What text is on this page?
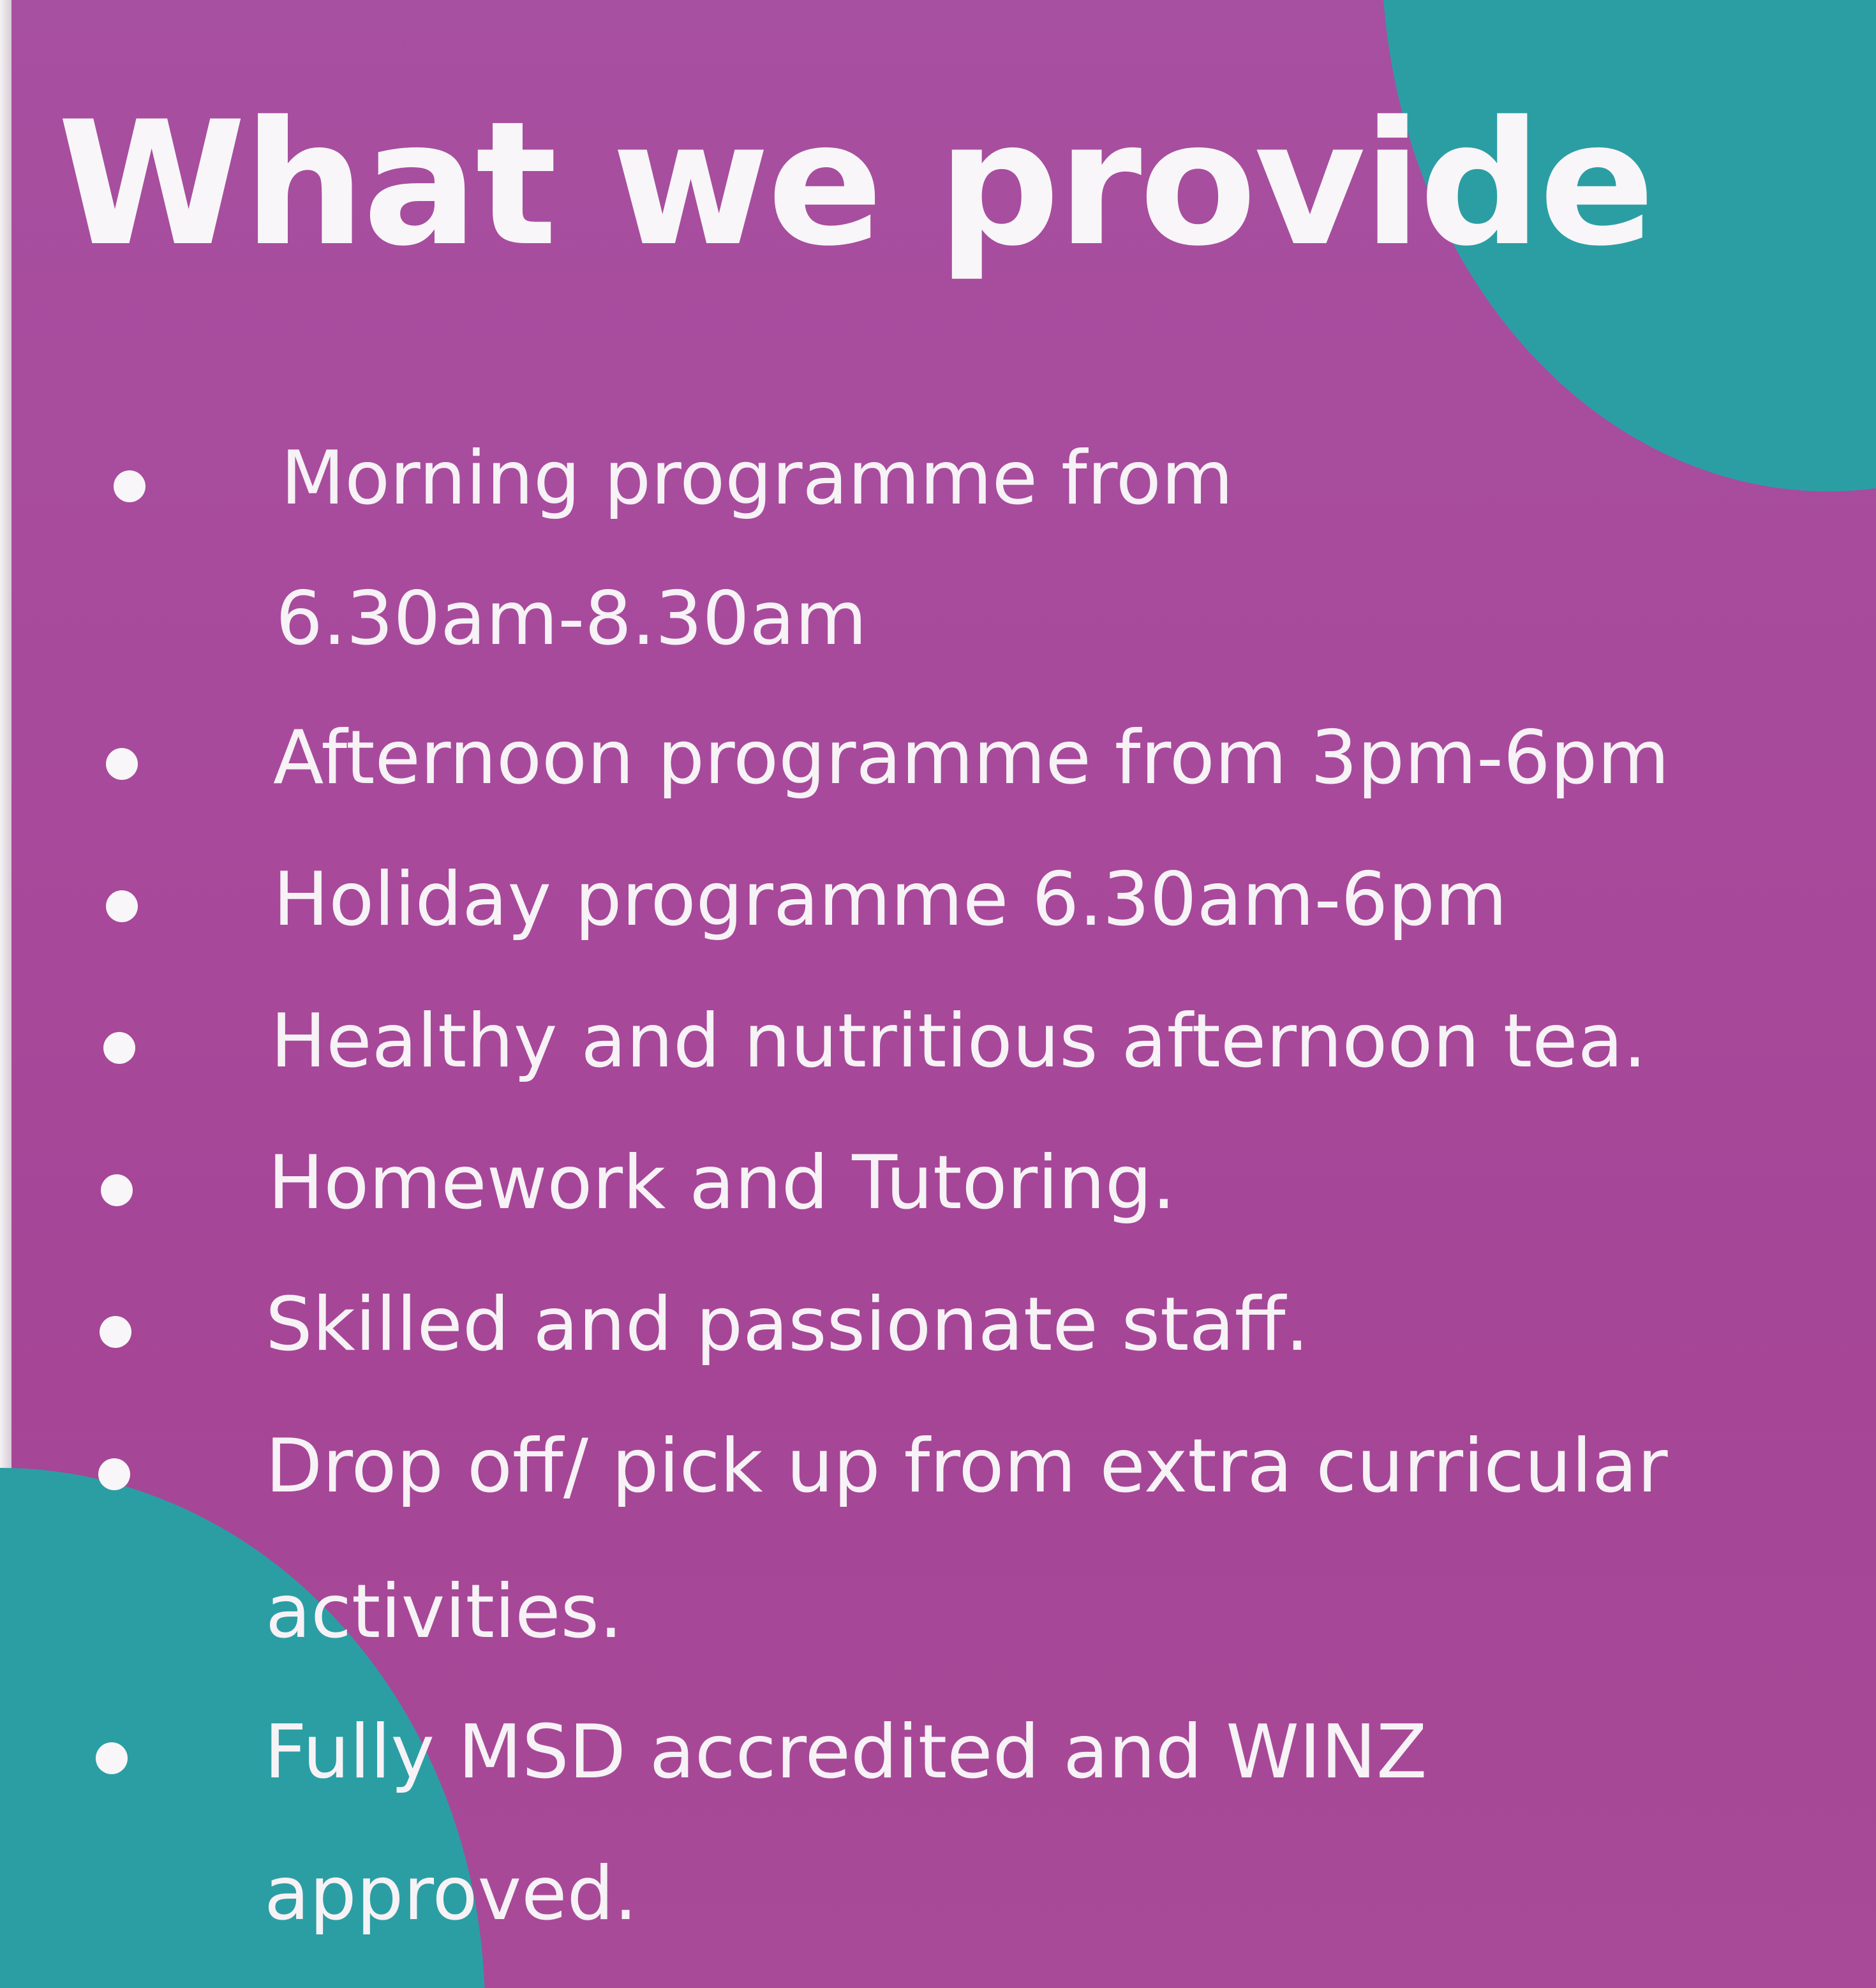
What we provide
Morning programme from
6.30am-8.30am
Afternoon programme from 3pm-6pm
Holiday programme 6.30am-6pm
Healthy and nutritious afternoon tea.
Homework and Tutoring.
Skilled and passionate staff.
Drop off/ pick up from extra curricular
activities.
Fully MSD accredited and WINZ
approved.
